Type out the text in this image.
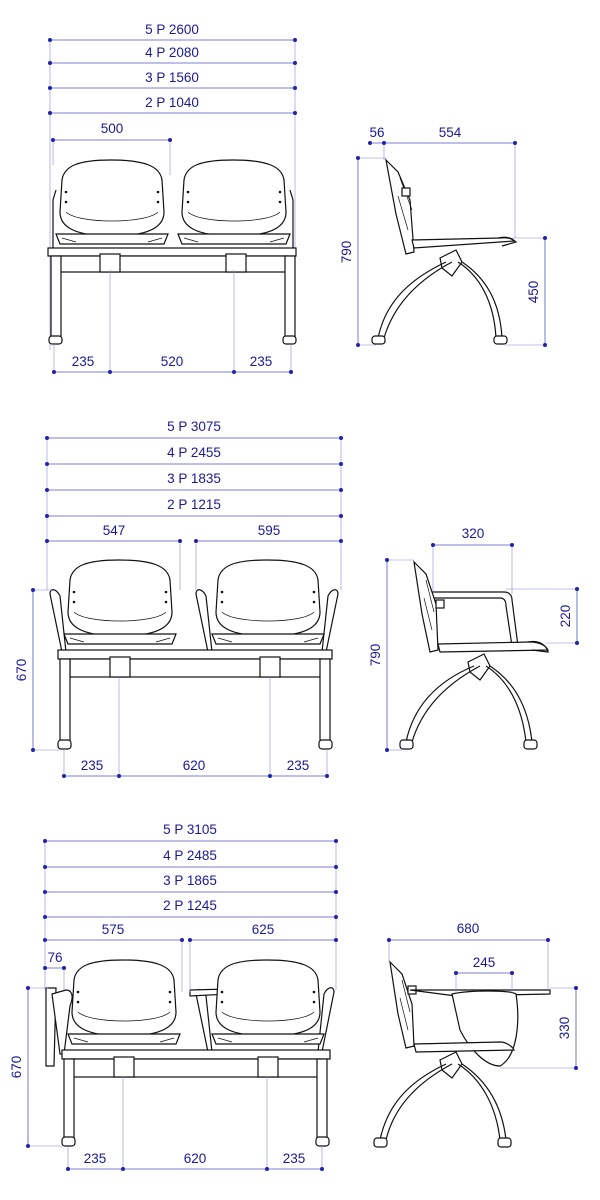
5 P 2600
4 P 2080
3 P 1560
2 P 1040
500
235	520	235
56	554
790
450
5 P 3075
4 P 2455
3 P 1835
2 P 1215
547	595
670
235	620	235
320
790
220
5 P 3105
4 P 2485
3 P 1865
2 P 1245
575	625
76
670
235	620	235
680
245
330
